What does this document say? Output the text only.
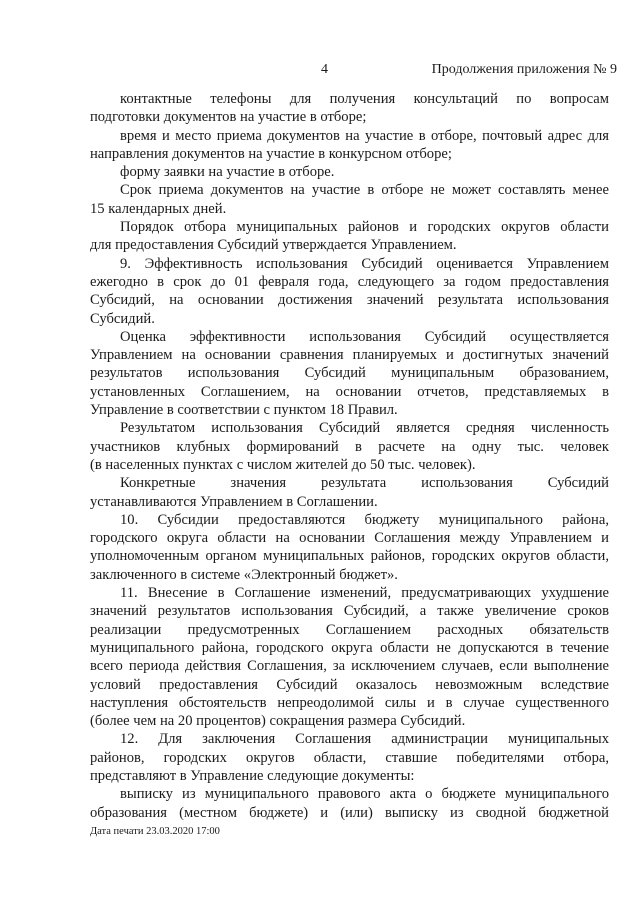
4	Продолжения приложения № 9

контактные телефоны для получения консультаций по вопросам

подготовки документов на участие в отборе;

время и место приема документов на участие в отборе, почтовый адрес для

направления документов на участие в конкурсном отборе;

форму заявки на участие в отборе.

Срок приема документов на участие в отборе не может составлять менее

15 календарных дней.

Порядок отбора муниципальных районов и городских округов области

для предоставления Субсидий утверждается Управлением.

9. Эффективность использования Субсидий оценивается Управлением

ежегодно в срок до 01 февраля года, следующего за годом предоставления

Субсидий, на основании достижения значений результата использования

Субсидий.

Оценка эффективности использования Субсидий осуществляется

Управлением на основании сравнения планируемых и достигнутых значений

результатов использования Субсидий муниципальным образованием,

установленных Соглашением, на основании отчетов, представляемых в

Управление в соответствии с пунктом 18 Правил.

Результатом использования Субсидий является средняя численность

участников клубных формирований в расчете на одну тыс. человек

(в населенных пунктах с числом жителей до 50 тыс. человек).

Конкретные значения результата использования Субсидий

устанавливаются Управлением в Соглашении.

10. Субсидии предоставляются бюджету муниципального района,

городского округа области на основании Соглашения между Управлением и

уполномоченным органом муниципальных районов, городских округов области,

заключенного в системе «Электронный бюджет».

11. Внесение в Соглашение изменений, предусматривающих ухудшение

значений результатов использования Субсидий, а также увеличение сроков

реализации предусмотренных Соглашением расходных обязательств

муниципального района, городского округа области не допускаются в течение

всего периода действия Соглашения, за исключением случаев, если выполнение

условий предоставления Субсидий оказалось невозможным вследствие

наступления обстоятельств непреодолимой силы и в случае существенного

(более чем на 20 процентов) сокращения размера Субсидий.

12. Для заключения Соглашения администрации муниципальных

районов, городских округов области, ставшие победителями отбора,

представляют в Управление следующие документы:

выписку из муниципального правового акта о бюджете муниципального

образования (местном бюджете) и (или) выписку из сводной бюджетной

Дата печати 23.03.2020 17:00
